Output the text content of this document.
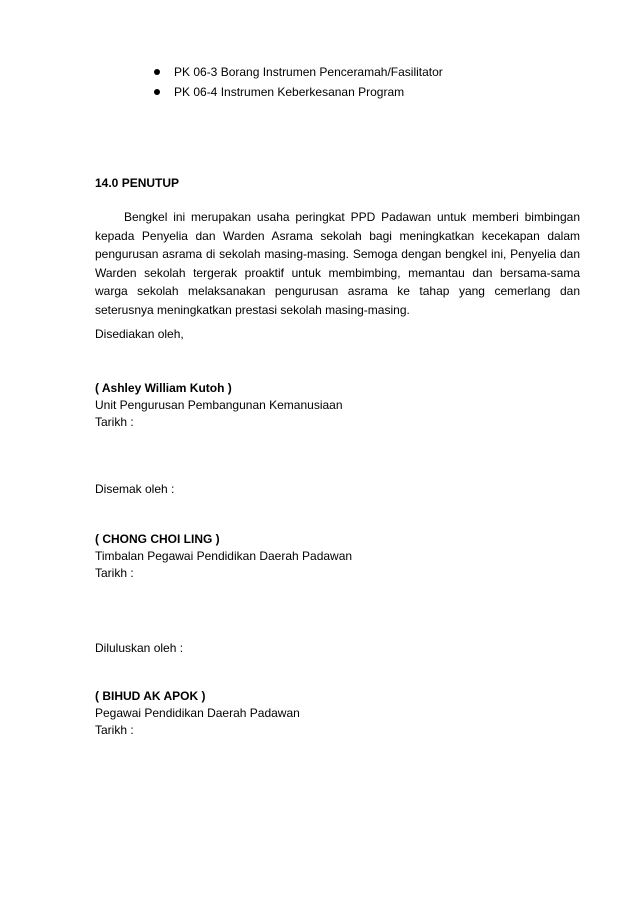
PK 06-3 Borang Instrumen Penceramah/Fasilitator
PK 06-4 Instrumen Keberkesanan Program
14.0 PENUTUP

Bengkel ini merupakan usaha peringkat PPD Padawan untuk memberi bimbingan kepada Penyelia dan Warden Asrama sekolah bagi meningkatkan kecekapan dalam pengurusan asrama di sekolah masing-masing. Semoga dengan bengkel ini, Penyelia dan Warden sekolah tergerak proaktif untuk membimbing, memantau dan bersama-sama warga sekolah melaksanakan pengurusan asrama ke tahap yang cemerlang dan seterusnya meningkatkan prestasi sekolah masing-masing.

Disediakan oleh,
( Ashley William Kutoh )
Unit Pengurusan Pembangunan Kemanusiaan
Tarikh :
Disemak oleh :
( CHONG CHOI LING )
Timbalan Pegawai Pendidikan Daerah Padawan
Tarikh :
Diluluskan oleh :
( BIHUD AK APOK )
Pegawai Pendidikan Daerah Padawan
Tarikh :
